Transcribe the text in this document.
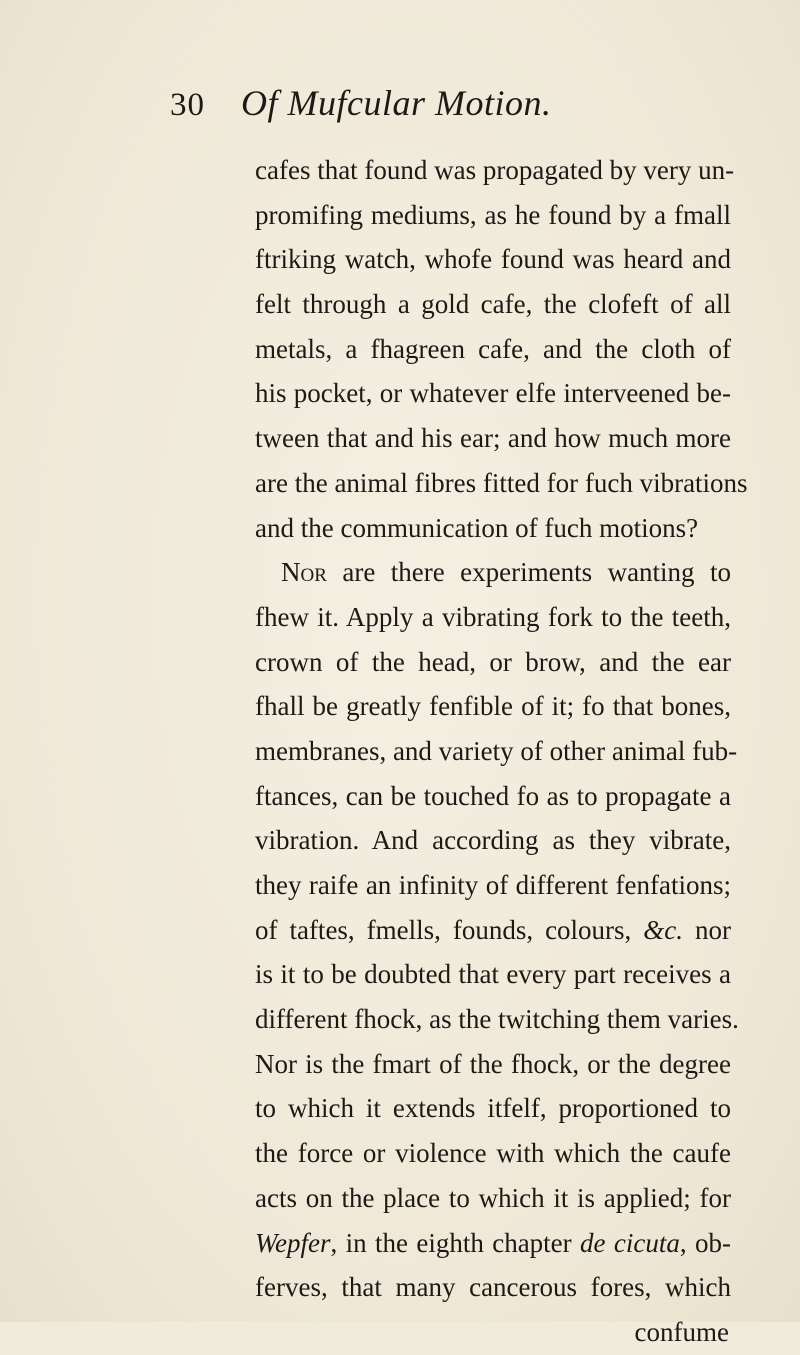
30 Of Mufcular Motion.
cafes that found was propagated by very un-
promifing mediums, as he found by a fmall
ftriking watch, whofe found was heard and
felt through a gold cafe, the clofeft of all
metals, a fhagreen cafe, and the cloth of
his pocket, or whatever elfe interveened be-
tween that and his ear; and how much more
are the animal fibres fitted for fuch vibrations
and the communication of fuch motions?
Nor are there experiments wanting to
fhew it. Apply a vibrating fork to the teeth,
crown of the head, or brow, and the ear
fhall be greatly fenfible of it; fo that bones,
membranes, and variety of other animal fub-
ftances, can be touched fo as to propagate a
vibration. And according as they vibrate,
they raife an infinity of different fenfations;
of taftes, fmells, founds, colours, &c. nor
is it to be doubted that every part receives a
different fhock, as the twitching them varies.
Nor is the fmart of the fhock, or the degree
to which it extends itfelf, proportioned to
the force or violence with which the caufe
acts on the place to which it is applied; for
Wepfer, in the eighth chapter de cicuta, ob-
ferves, that many cancerous fores, which
confume
